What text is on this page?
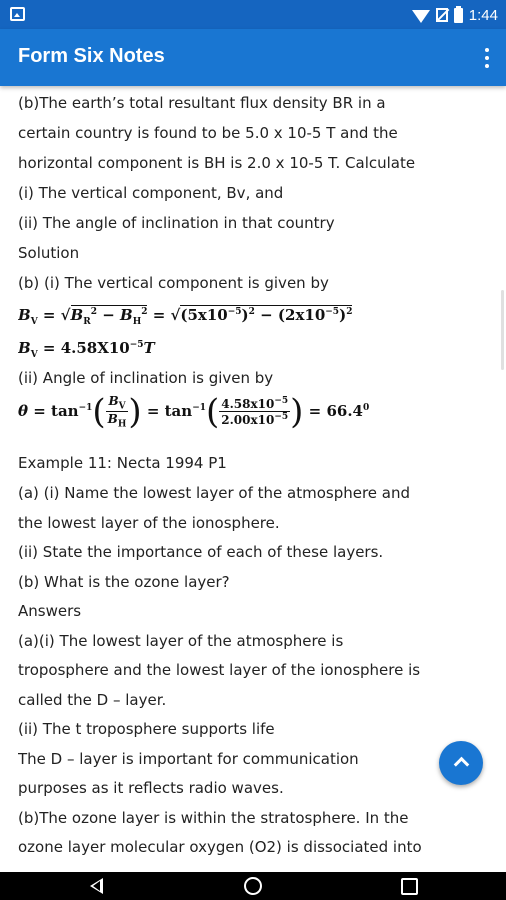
1:44
Form Six Notes
(b)The earth’s total resultant flux density BR in a
certain country is found to be 5.0 x 10-5 T and the
horizontal component is BH is 2.0 x 10-5 T. Calculate
(i) The vertical component, Bv, and
(ii) The angle of inclination in that country
Solution
(b) (i) The vertical component is given by
$B_V = √B_R^2 - B_H^2 = √(5x10^{-5})^2 - (2x10^{-5})^2$
$B_V = 4.58X10^{-5}T$
(ii) Angle of inclination is given by
$\theta = \tan^{-1}( \frac{B_V}{B_H}$ ) = $\tan^{-1}( \frac{4.58x10^{-5}}{2.00x10^{-5}}$ ) = $66.4^0$
Example 11: Necta 1994 P1
(a) (i) Name the lowest layer of the atmosphere and
the lowest layer of the ionosphere.
(ii) State the importance of each of these layers.
(b) What is the ozone layer?
Answers
(a)(i) The lowest layer of the atmosphere is
troposphere and the lowest layer of the ionosphere is
called the D – layer.
(ii) The t troposphere supports life
The D – layer is important for communication
purposes as it reflects radio waves.
(b)The ozone layer is within the stratosphere. In the
ozone layer molecular oxygen (O2) is dissociated into
